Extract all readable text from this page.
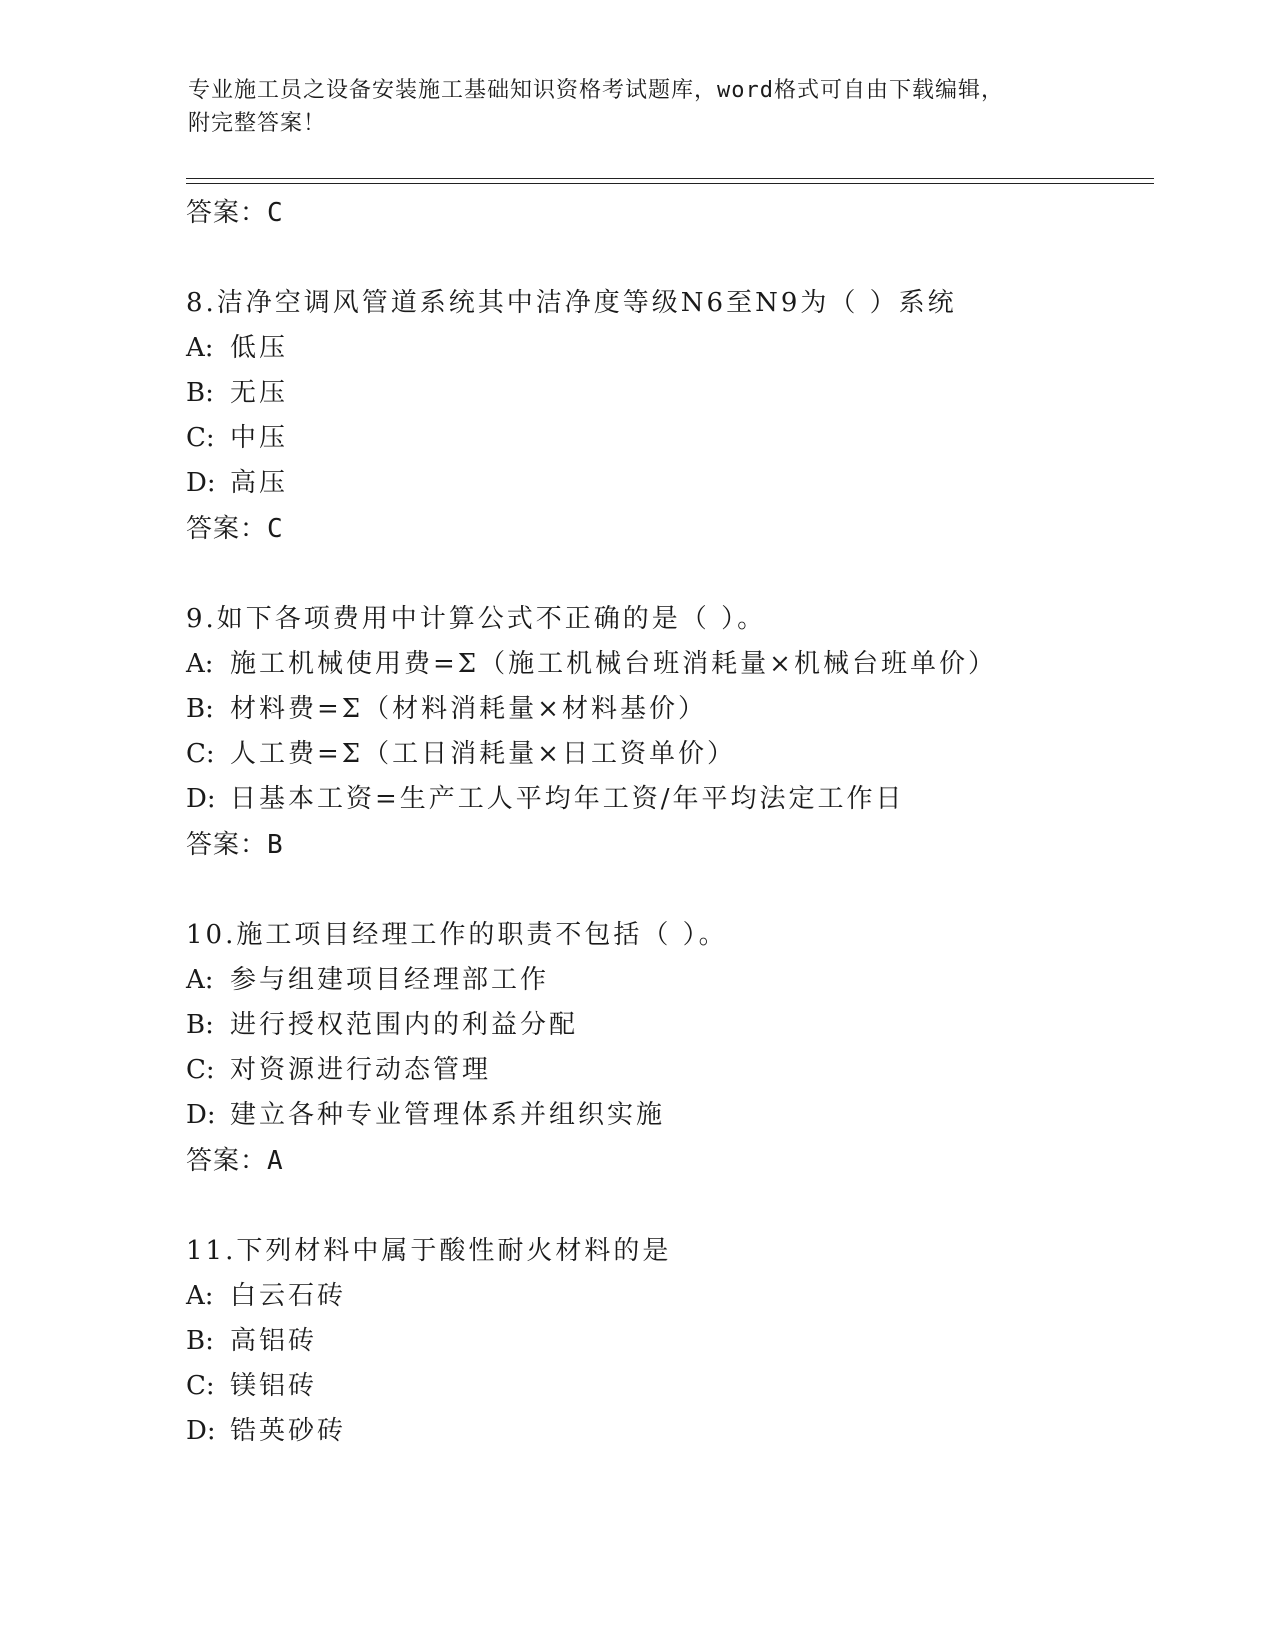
专业施工员之设备安装施工基础知识资格考试题库，word格式可自由下载编辑，
附完整答案！
答案：C
8.洁净空调风管道系统其中洁净度等级N6至N9为（ ）系统
A: 低压
B: 无压
C: 中压
D: 高压
答案：C
9.如下各项费用中计算公式不正确的是（ ）。
A: 施工机械使用费=Σ（施工机械台班消耗量×机械台班单价）
B: 材料费=Σ（材料消耗量×材料基价）
C: 人工费=Σ（工日消耗量×日工资单价）
D: 日基本工资=生产工人平均年工资/年平均法定工作日
答案：B
10.施工项目经理工作的职责不包括（ ）。
A: 参与组建项目经理部工作
B: 进行授权范围内的利益分配
C: 对资源进行动态管理
D: 建立各种专业管理体系并组织实施
答案：A
11.下列材料中属于酸性耐火材料的是
A: 白云石砖
B: 高铝砖
C: 镁铝砖
D: 锆英砂砖
